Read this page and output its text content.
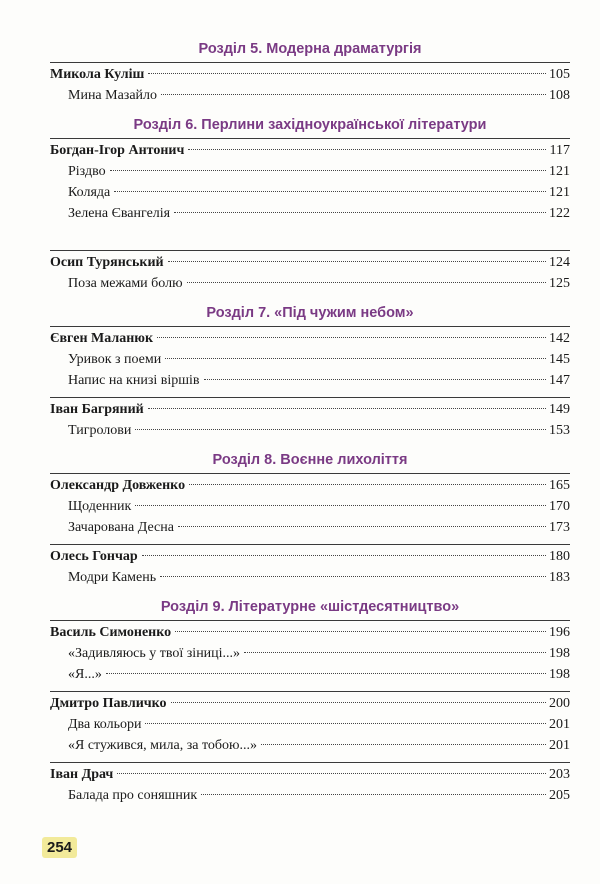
Розділ 5. Модерна драматургія
Микола Куліш	105
Мина Мазайло	108
Розділ 6. Перлини західноукраїнської літератури
Богдан-Ігор Антонич	117
Різдво	121
Коляда	121
Зелена Євангелія	122
Осип Турянський	124
Поза межами болю	125
Розділ 7. «Під чужим небом»
Євген Маланюк	142
Уривок з поеми	145
Напис на книзі віршів	147
Іван Багряний	149
Тигролови	153
Розділ 8. Воєнне лихоліття
Олександр Довженко	165
Щоденник	170
Зачарована Десна	173
Олесь Гончар	180
Модри Камень	183
Розділ 9. Літературне «шістдесятництво»
Василь Симоненко	196
«Задивляюсь у твої зіниці...»	198
«Я...»	198
Дмитро Павличко	200
Два кольори	201
«Я стужився, мила, за тобою...»	201
Іван Драч	203
Балада про соняшник	205
254
